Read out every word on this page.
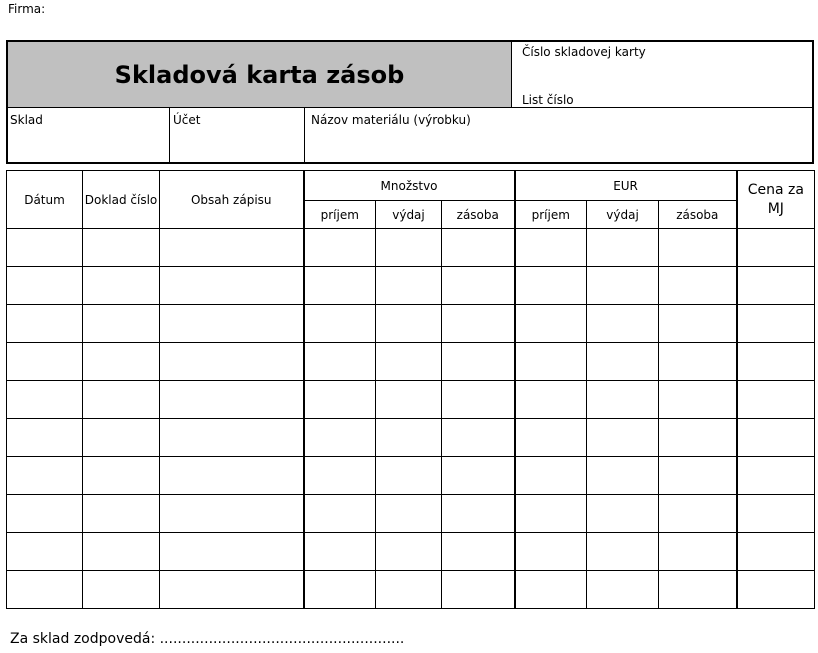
Firma:
Skladová karta zásob
Číslo skladovej karty
List číslo
Sklad	Účet	Názov materiálu (výrobku)
Dátum	Doklad číslo	Obsah zápisu	Množstvo			EUR			Cena za MJ
			príjem	výdaj	zásoba	príjem	výdaj	zásoba	

Za sklad zodpovedá: .......................................................
